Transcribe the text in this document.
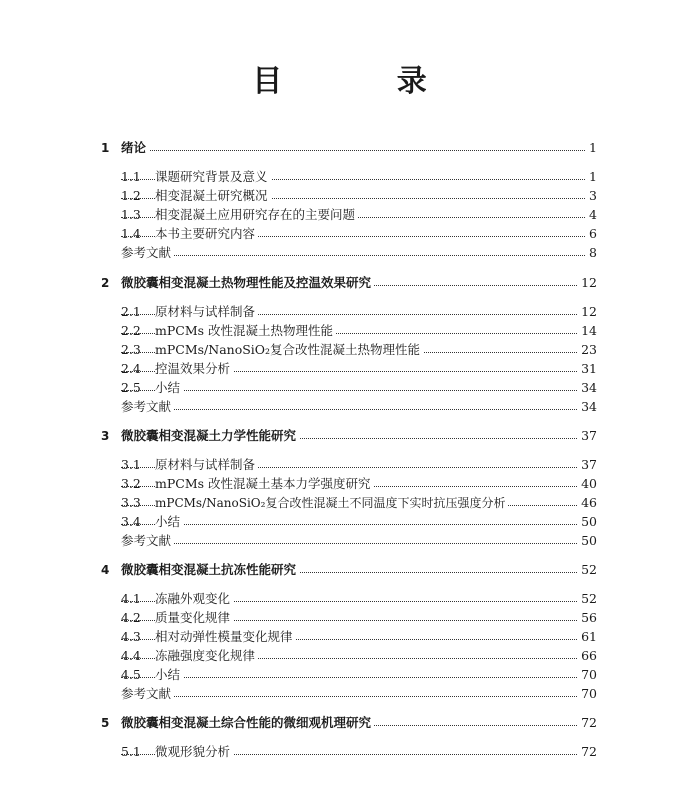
目 录
1 绪论	1
1.1 课题研究背景及意义	1
1.2 相变混凝土研究概况	3
1.3 相变混凝土应用研究存在的主要问题	4
1.4 本书主要研究内容	6
参考文献	8
2 微胶囊相变混凝土热物理性能及控温效果研究	12
2.1 原材料与试样制备	12
2.2 mPCMs 改性混凝土热物理性能	14
2.3 mPCMs/NanoSiO₂复合改性混凝土热物理性能	23
2.4 控温效果分析	31
2.5 小结	34
参考文献	34
3 微胶囊相变混凝土力学性能研究	37
3.1 原材料与试样制备	37
3.2 mPCMs 改性混凝土基本力学强度研究	40
3.3 mPCMs/NanoSiO₂复合改性混凝土不同温度下实时抗压强度分析	46
3.4 小结	50
参考文献	50
4 微胶囊相变混凝土抗冻性能研究	52
4.1 冻融外观变化	52
4.2 质量变化规律	56
4.3 相对动弹性模量变化规律	61
4.4 冻融强度变化规律	66
4.5 小结	70
参考文献	70
5 微胶囊相变混凝土综合性能的微细观机理研究	72
5.1 微观形貌分析	72
